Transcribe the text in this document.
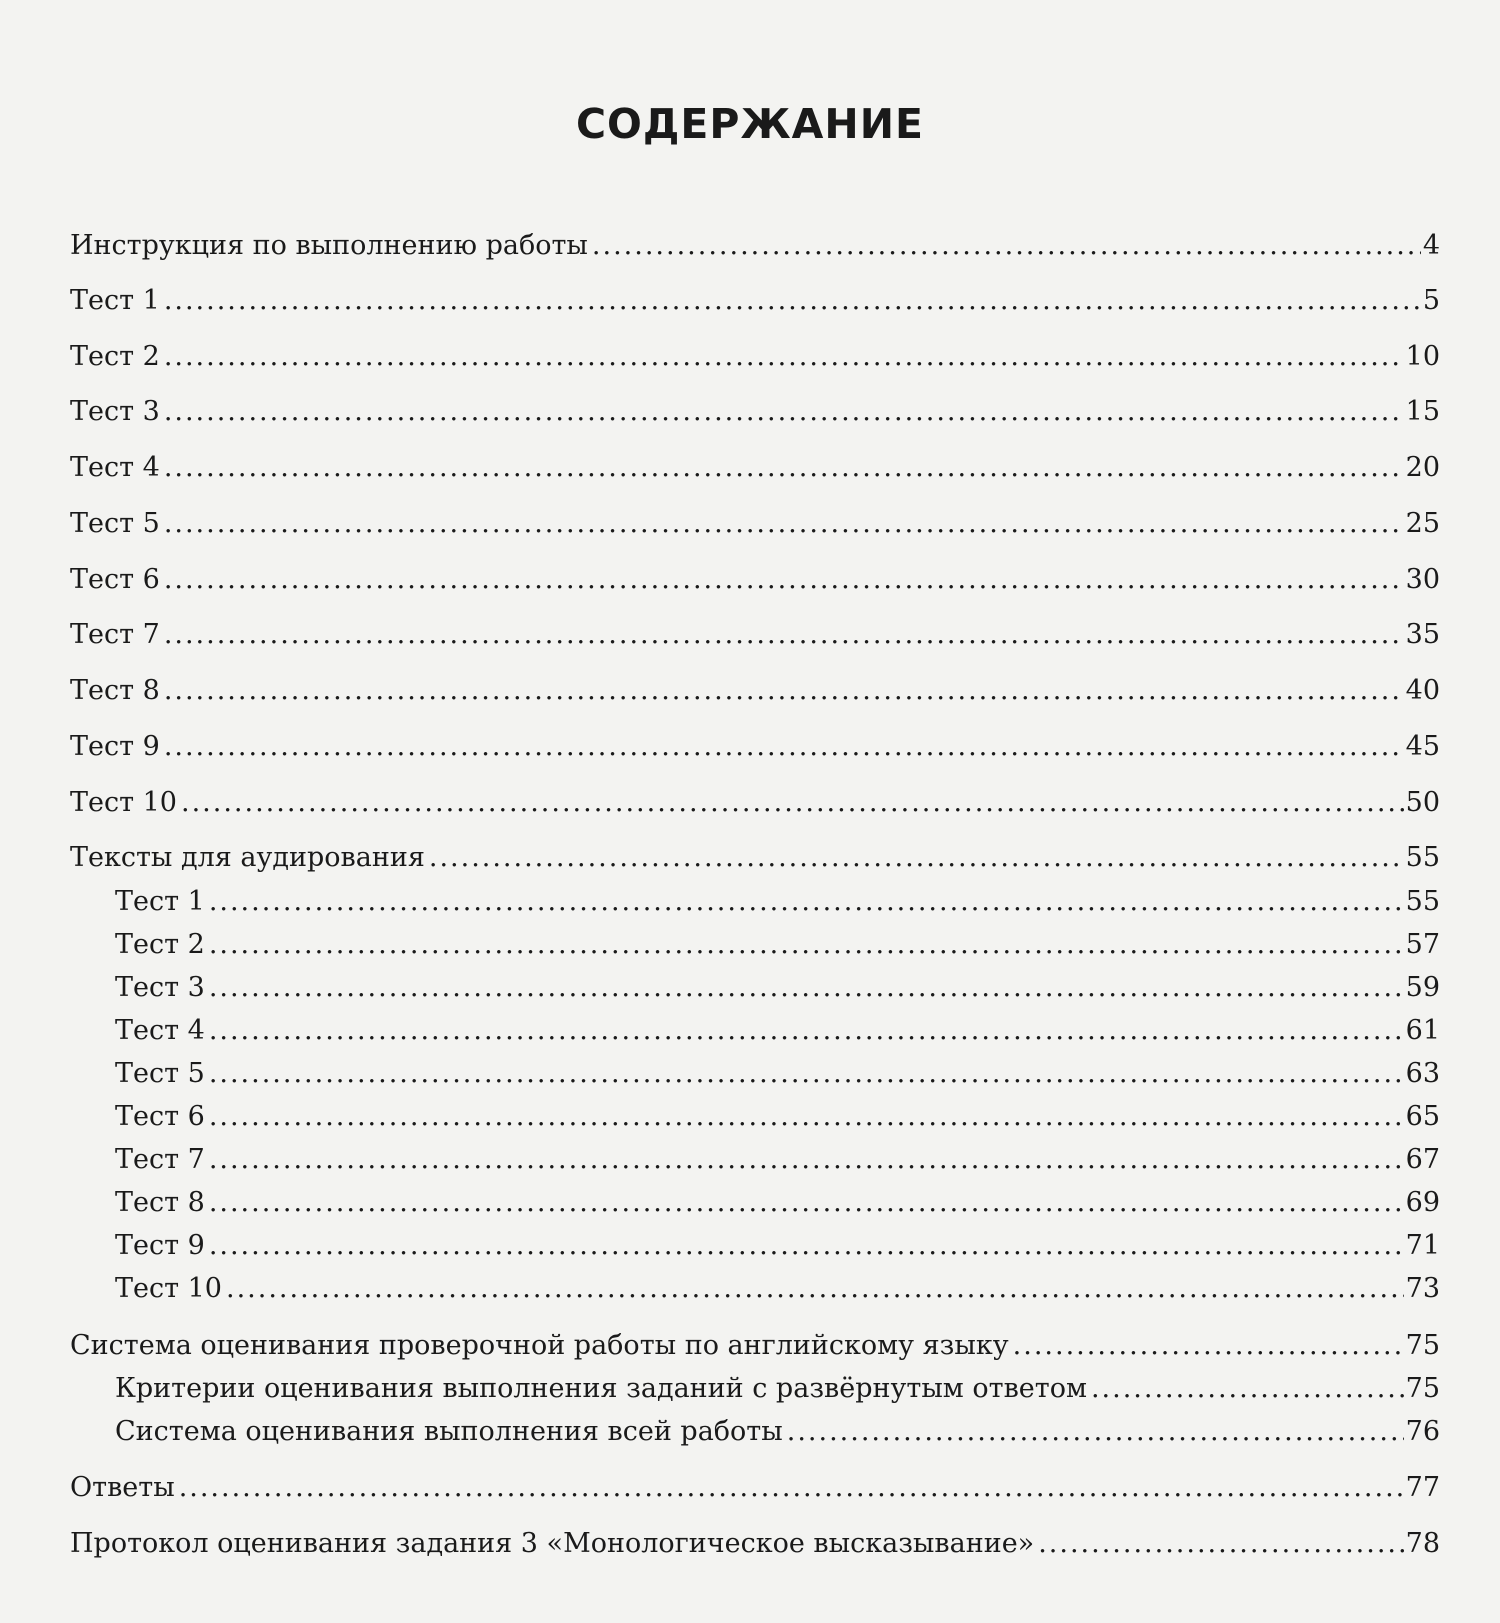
СОДЕРЖАНИЕ
Инструкция по выполнению работы .....	4
Тест 1 .....	5
Тест 2 .....	10
Тест 3 .....	15
Тест 4 .....	20
Тест 5 .....	25
Тест 6 .....	30
Тест 7 .....	35
Тест 8 .....	40
Тест 9 .....	45
Тест 10 .....	50
Тексты для аудирования .....	55
Тест 1 .....	55
Тест 2 .....	57
Тест 3 .....	59
Тест 4 .....	61
Тест 5 .....	63
Тест 6 .....	65
Тест 7 .....	67
Тест 8 .....	69
Тест 9 .....	71
Тест 10 .....	73
Система оценивания проверочной работы по английскому языку .....	75
Критерии оценивания выполнения заданий с развёрнутым ответом .....	75
Система оценивания выполнения всей работы .....	76
Ответы .....	77
Протокол оценивания задания 3 «Монологическое высказывание» .....	78
